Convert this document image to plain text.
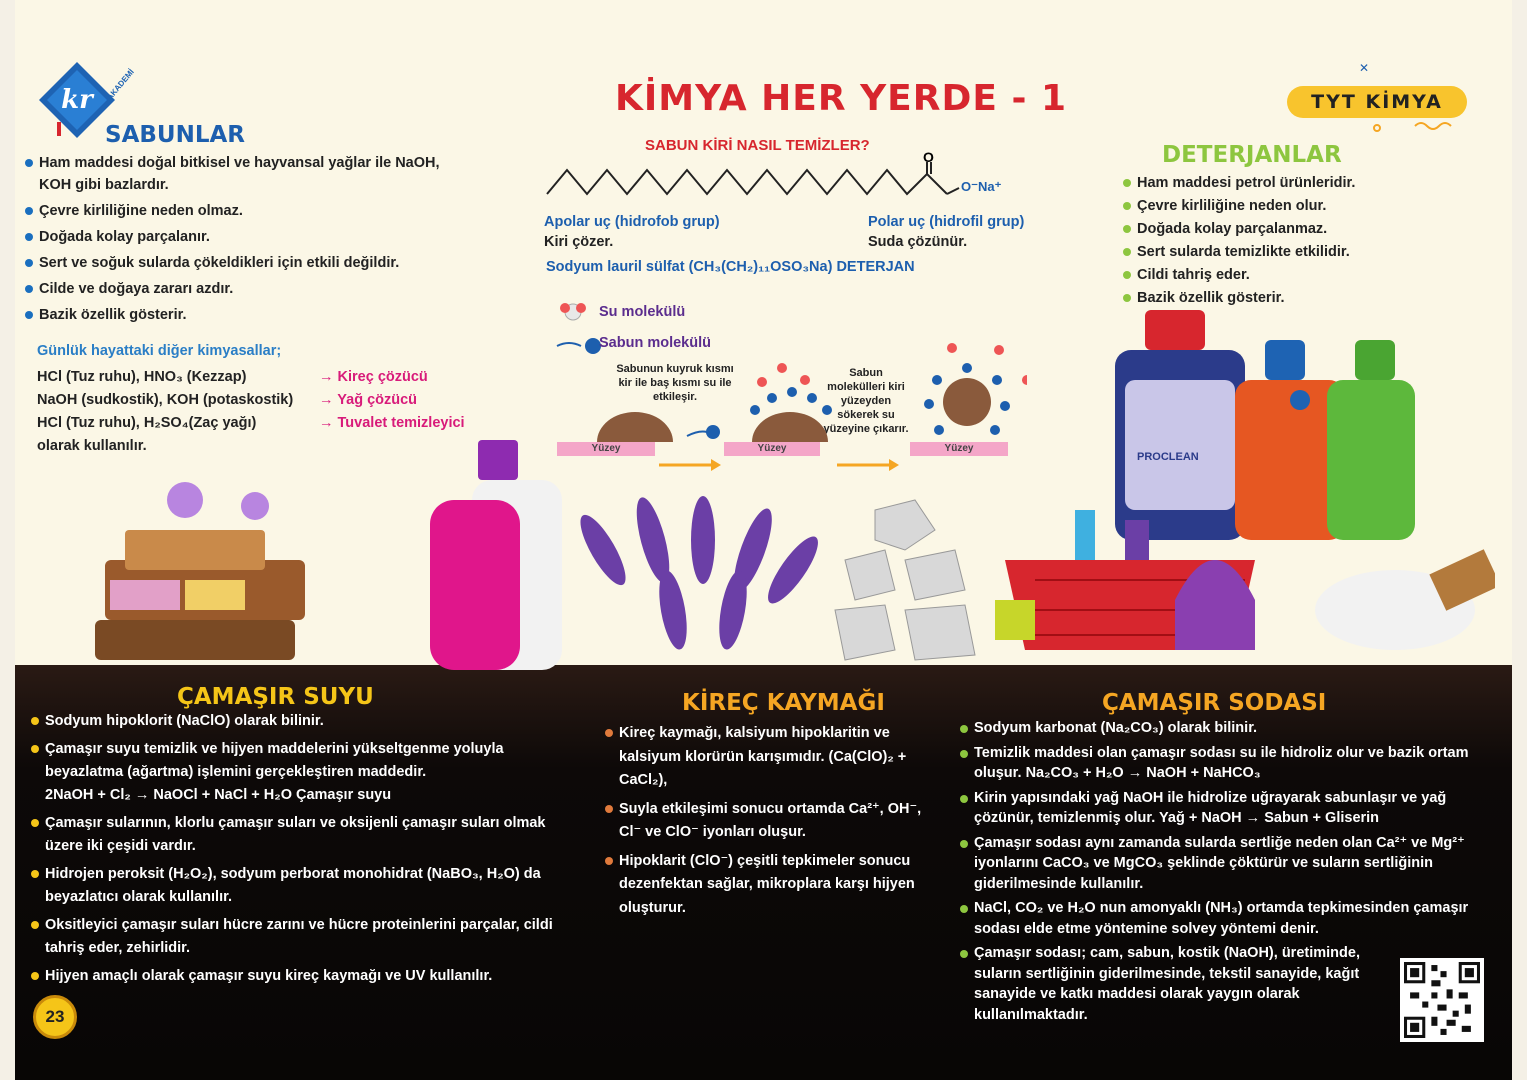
kr AKADEMİ	KİMYA HER YERDE - 1
SABUN KİRİ NASIL TEMİZLER?
TYT KİMYA
✕
SABUNLAR
Ham maddesi doğal bitkisel ve hayvansal yağlar ile NaOH, KOH gibi bazlardır.
Çevre kirliliğine neden olmaz.
Doğada kolay parçalanır.
Sert ve soğuk sularda çökeldikleri için etkili değildir.
Cilde ve doğaya zararı azdır.
Bazik özellik gösterir.
Günlük hayattaki diğer kimyasallar;
HCl (Tuz ruhu), HNO₃ (Kezzap)	→ Kireç çözücü
NaOH (sudkostik), KOH (potaskostik)	→ Yağ çözücü
HCl (Tuz ruhu), H₂SO₄(Zaç yağı)	→ Tuvalet temizleyici
olarak kullanılır.
O
O⁻Na⁺
Apolar uç (hidrofob grup)
Kiri çözer.
Polar uç (hidrofil grup)
Suda çözünür.
Sodyum lauril sülfat (CH₃(CH₂)₁₁OSO₃Na) DETERJAN
Su molekülü
Sabun molekülü
Sabunun kuyruk kısmı kir ile baş kısmı su ile etkileşir.
Sabun molekülleri kiri yüzeyden sökerek su yüzeyine çıkarır.
Yüzey	Yüzey	Yüzey
DETERJANLAR
Ham maddesi petrol ürünleridir.
Çevre kirliliğine neden olur.
Doğada kolay parçalanmaz.
Sert sularda temizlikte etkilidir.
Cildi tahriş eder.
Bazik özellik gösterir.
PROCLEAN
ÇAMAŞIR SUYU
Sodyum hipoklorit (NaClO) olarak bilinir.
Çamaşır suyu temizlik ve hijyen maddelerini yükseltgenme yoluyla beyazlatma (ağartma) işlemini gerçekleştiren maddedir.
2NaOH + Cl₂ → NaOCl + NaCl + H₂O Çamaşır suyu
Çamaşır sularının, klorlu çamaşır suları ve oksijenli çamaşır suları olmak üzere iki çeşidi vardır.
Hidrojen peroksit (H₂O₂), sodyum perborat monohidrat (NaBO₃, H₂O) da beyazlatıcı olarak kullanılır.
Oksitleyici çamaşır suları hücre zarını ve hücre proteinlerini parçalar, cildi tahriş eder, zehirlidir.
Hijyen amaçlı olarak çamaşır suyu kireç kaymağı ve UV kullanılır.
KİREÇ KAYMAĞI
Kireç kaymağı, kalsiyum hipoklaritin ve kalsiyum klorürün karışımıdır. (Ca(ClO)₂ + CaCl₂),
Suyla etkileşimi sonucu ortamda Ca²⁺, OH⁻, Cl⁻ ve ClO⁻ iyonları oluşur.
Hipoklarit (ClO⁻) çeşitli tepkimeler sonucu dezenfektan sağlar, mikroplara karşı hijyen oluşturur.
ÇAMAŞIR SODASI
Sodyum karbonat (Na₂CO₃) olarak bilinir.
Temizlik maddesi olan çamaşır sodası su ile hidroliz olur ve bazik ortam oluşur. Na₂CO₃ + H₂O → NaOH + NaHCO₃
Kirin yapısındaki yağ NaOH ile hidrolize uğrayarak sabunlaşır ve yağ çözünür, temizlenmiş olur. Yağ + NaOH → Sabun + Gliserin
Çamaşır sodası aynı zamanda sularda sertliğe neden olan Ca²⁺ ve Mg²⁺ iyonlarını CaCO₃ ve MgCO₃ şeklinde çöktürür ve suların sertliğinin giderilmesinde kullanılır.
NaCl, CO₂ ve H₂O nun amonyaklı (NH₃) ortamda tepkimesinden çamaşır sodası elde etme yöntemine solvey yöntemi denir.
Çamaşır sodası; cam, sabun, kostik (NaOH), üretiminde, suların sertliğinin giderilmesinde, tekstil sanayide, kağıt sanayide ve katkı maddesi olarak yaygın olarak kullanılmaktadır.
23
